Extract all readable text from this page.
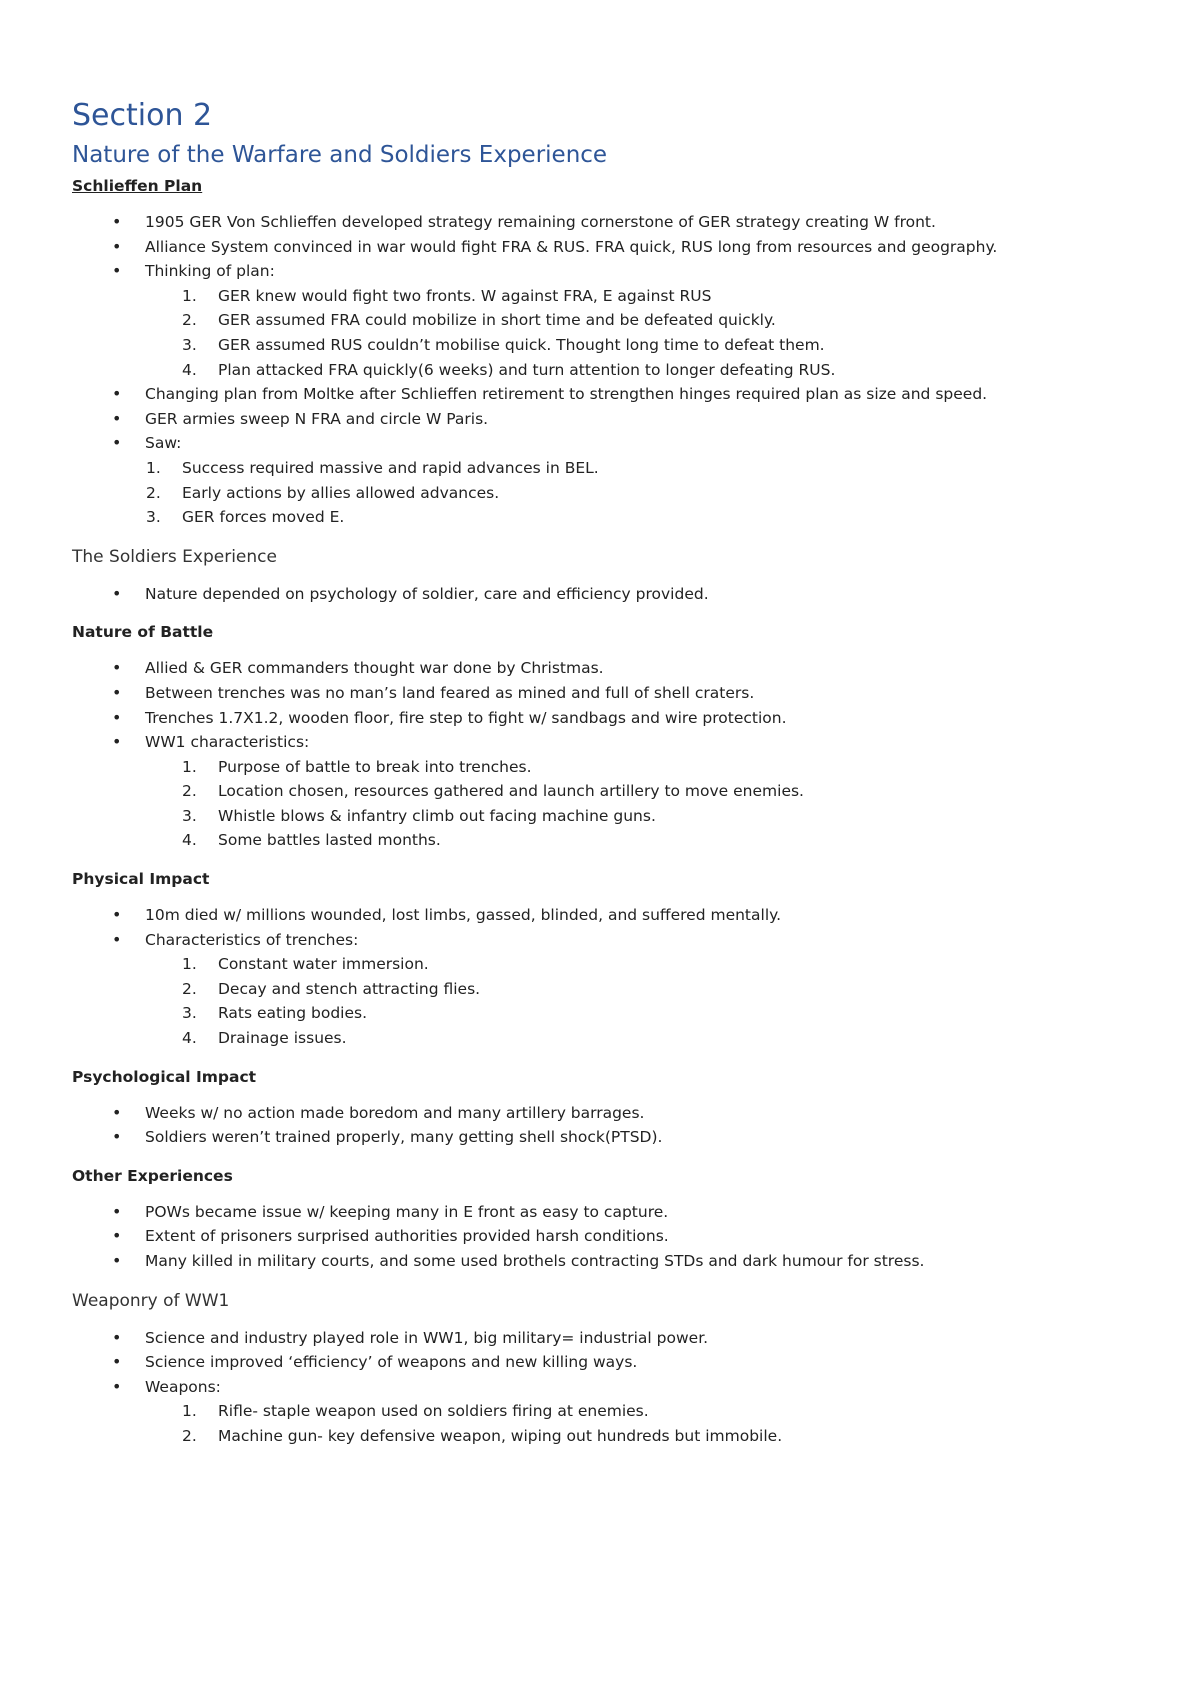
Section 2
Nature of the Warfare and Soldiers Experience
Schlieffen Plan
• 1905 GER Von Schlieffen developed strategy remaining cornerstone of GER strategy creating W front.
• Alliance System convinced in war would fight FRA & RUS. FRA quick, RUS long from resources and geography.
• Thinking of plan:
1.	GER knew would fight two fronts. W against FRA, E against RUS
2.	GER assumed FRA could mobilize in short time and be defeated quickly.
3.	GER assumed RUS couldn’t mobilise quick. Thought long time to defeat them.
4.	Plan attacked FRA quickly(6 weeks) and turn attention to longer defeating RUS.
• Changing plan from Moltke after Schlieffen retirement to strengthen hinges required plan as size and speed.
• GER armies sweep N FRA and circle W Paris.
• Saw:
1.	Success required massive and rapid advances in BEL.
2.	Early actions by allies allowed advances.
3.	GER forces moved E.
The Soldiers Experience
• Nature depended on psychology of soldier, care and efficiency provided.
Nature of Battle
• Allied & GER commanders thought war done by Christmas.
• Between trenches was no man’s land feared as mined and full of shell craters.
• Trenches 1.7X1.2, wooden floor, fire step to fight w/ sandbags and wire protection.
• WW1 characteristics:
1.	Purpose of battle to break into trenches.
2.	Location chosen, resources gathered and launch artillery to move enemies.
3.	Whistle blows & infantry climb out facing machine guns.
4.	Some battles lasted months.
Physical Impact
• 10m died w/ millions wounded, lost limbs, gassed, blinded, and suffered mentally.
• Characteristics of trenches:
1.	Constant water immersion.
2.	Decay and stench attracting flies.
3.	Rats eating bodies.
4.	Drainage issues.
Psychological Impact
• Weeks w/ no action made boredom and many artillery barrages.
• Soldiers weren’t trained properly, many getting shell shock(PTSD).
Other Experiences
• POWs became issue w/ keeping many in E front as easy to capture.
• Extent of prisoners surprised authorities provided harsh conditions.
• Many killed in military courts, and some used brothels contracting STDs and dark humour for stress.
Weaponry of WW1
• Science and industry played role in WW1, big military= industrial power.
• Science improved ‘efficiency’ of weapons and new killing ways.
• Weapons:
1.	Rifle- staple weapon used on soldiers firing at enemies.
2.	Machine gun- key defensive weapon, wiping out hundreds but immobile.
